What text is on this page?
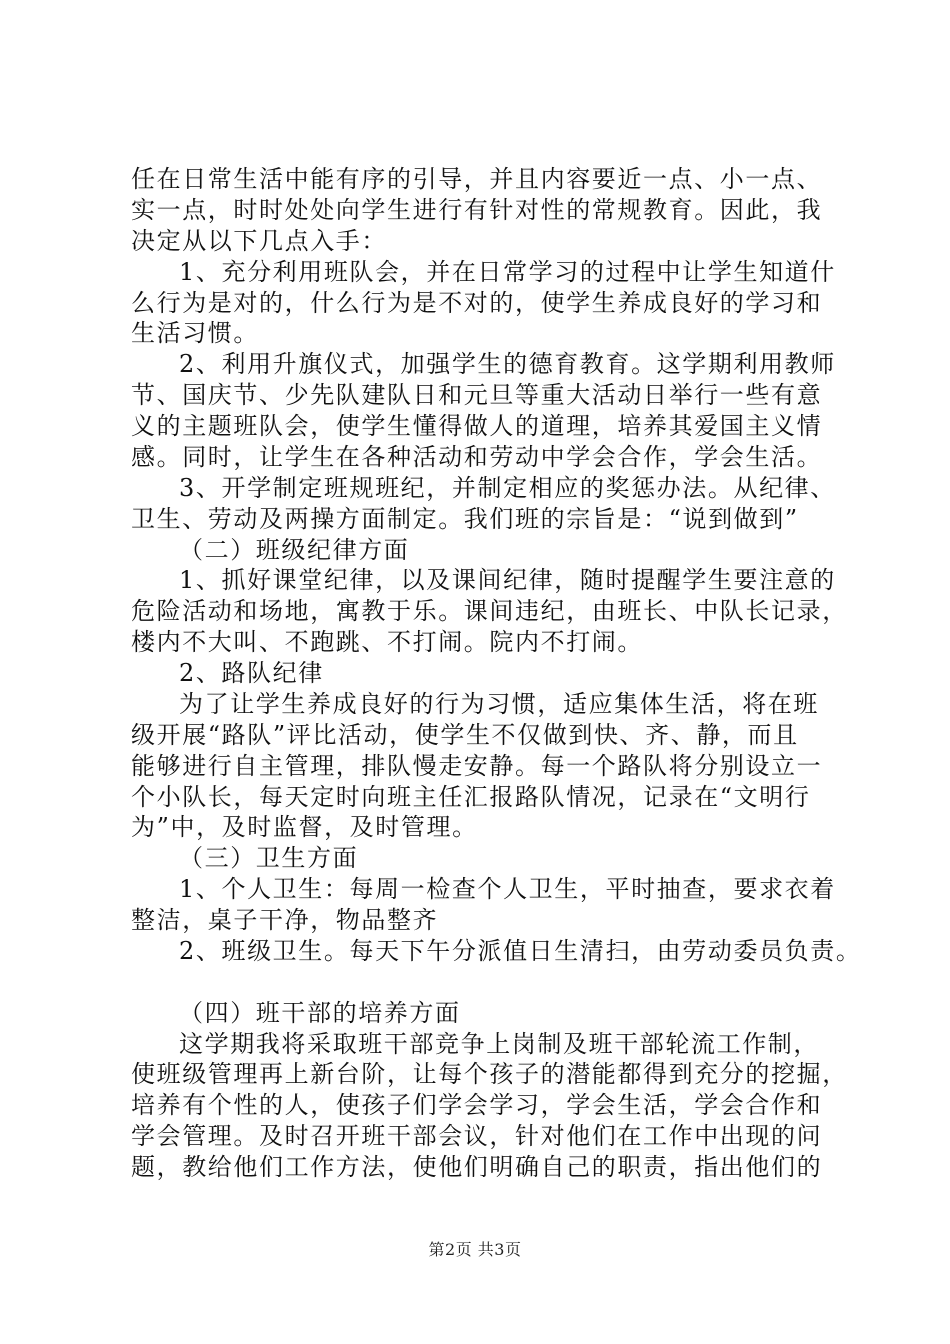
任在日常生活中能有序的引导，并且内容要近一点、小一点、
实一点，时时处处向学生进行有针对性的常规教育。因此，我
决定从以下几点入手：
1、充分利用班队会，并在日常学习的过程中让学生知道什
么行为是对的，什么行为是不对的，使学生养成良好的学习和
生活习惯。
2、利用升旗仪式，加强学生的德育教育。这学期利用教师
节、国庆节、少先队建队日和元旦等重大活动日举行一些有意
义的主题班队会，使学生懂得做人的道理，培养其爱国主义情
感。同时，让学生在各种活动和劳动中学会合作，学会生活。
3、开学制定班规班纪，并制定相应的奖惩办法。从纪律、
卫生、劳动及两操方面制定。我们班的宗旨是：“说到做到”
（二）班级纪律方面
1、抓好课堂纪律，以及课间纪律，随时提醒学生要注意的
危险活动和场地，寓教于乐。课间违纪，由班长、中队长记录，
楼内不大叫、不跑跳、不打闹。院内不打闹。
2、路队纪律
为了让学生养成良好的行为习惯，适应集体生活，将在班
级开展“路队”评比活动，使学生不仅做到快、齐、静，而且
能够进行自主管理，排队慢走安静。每一个路队将分别设立一
个小队长，每天定时向班主任汇报路队情况，记录在“文明行
为”中，及时监督，及时管理。
（三）卫生方面
1、个人卫生：每周一检查个人卫生，平时抽查，要求衣着
整洁，桌子干净，物品整齐
2、班级卫生。每天下午分派值日生清扫，由劳动委员负责。
（四）班干部的培养方面
这学期我将采取班干部竞争上岗制及班干部轮流工作制，
使班级管理再上新台阶，让每个孩子的潜能都得到充分的挖掘，
培养有个性的人，使孩子们学会学习，学会生活，学会合作和
学会管理。及时召开班干部会议，针对他们在工作中出现的问
题，教给他们工作方法，使他们明确自己的职责，指出他们的
第2页 共3页
